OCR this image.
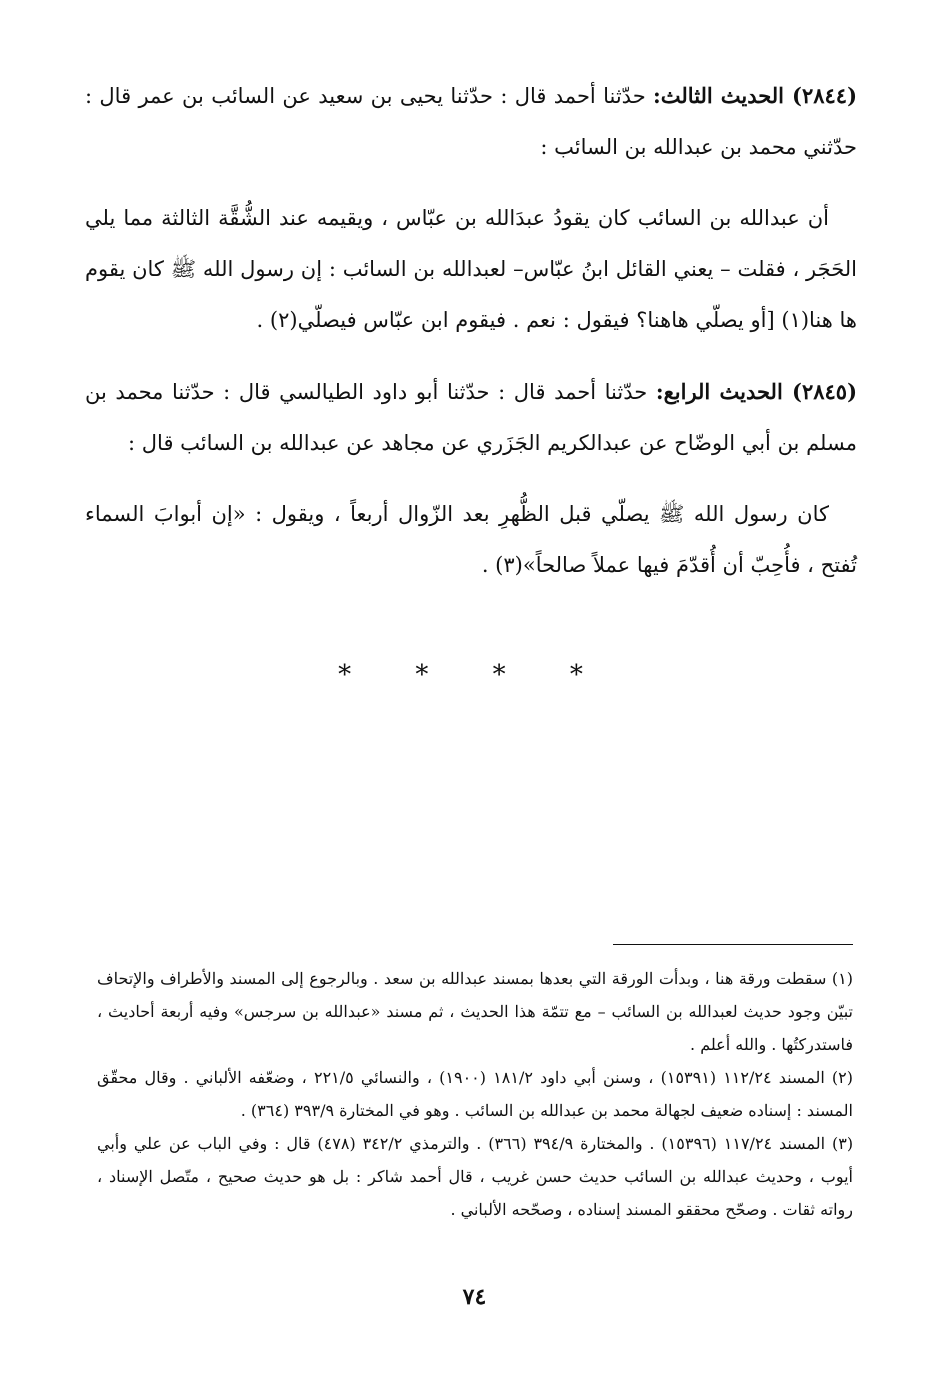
(٢٨٤٤) الحديث الثالث: حدّثنا أحمد قال : حدّثنا يحيى بن سعيد عن السائب بن عمر قال : حدّثني محمد بن عبدالله بن السائب :

أن عبدالله بن السائب كان يقودُ عبدَالله بن عبّاس ، ويقيمه عند الشُّقَّة الثالثة مما يلي الحَجَر ، فقلت – يعني القائل ابنُ عبّاس– لعبدالله بن السائب : إن رسول الله ﷺ كان يقوم ها هنا(١) [أو يصلّي هاهنا؟ فيقول : نعم . فيقوم ابن عبّاس فيصلّي(٢) .

(٢٨٤٥) الحديث الرابع: حدّثنا أحمد قال : حدّثنا أبو داود الطيالسي قال : حدّثنا محمد بن مسلم بن أبي الوضّاح عن عبدالكريم الجَزَري عن مجاهد عن عبدالله بن السائب قال :

كان رسول الله ﷺ يصلّي قبل الظُّهرِ بعد الزّوال أربعاً ، ويقول : «إن أبوابَ السماء تُفتح ، فأُحِبّ أن أُقدّمَ فيها عملاً صالحاً»(٣) .

* * * *

(١) سقطت ورقة هنا ، وبدأت الورقة التي بعدها بمسند عبدالله بن سعد . وبالرجوع إلى المسند والأطراف والإتحاف تبيّن وجود حديث لعبدالله بن السائب – مع تتمّة هذا الحديث ، ثم مسند «عبدالله بن سرجس» وفيه أربعة أحاديث ، فاستدركتُها . والله أعلم .

(٢) المسند ١١٢/٢٤ (١٥٣٩١) ، وسنن أبي داود ١٨١/٢ (١٩٠٠) ، والنسائي ٢٢١/٥ ، وضعّفه الألباني . وقال محقّق المسند : إسناده ضعيف لجهالة محمد بن عبدالله بن السائب . وهو في المختارة ٣٩٣/٩ (٣٦٤) .

(٣) المسند ١١٧/٢٤ (١٥٣٩٦) . والمختارة ٣٩٤/٩ (٣٦٦) . والترمذي ٣٤٢/٢ (٤٧٨) قال : وفي الباب عن علي وأبي أيوب ، وحديث عبدالله بن السائب حديث حسن غريب ، قال أحمد شاكر : بل هو حديث صحيح ، متّصل الإسناد ، رواته ثقات . وصحّح محققو المسند إسناده ، وصحّحه الألباني .

٧٤
